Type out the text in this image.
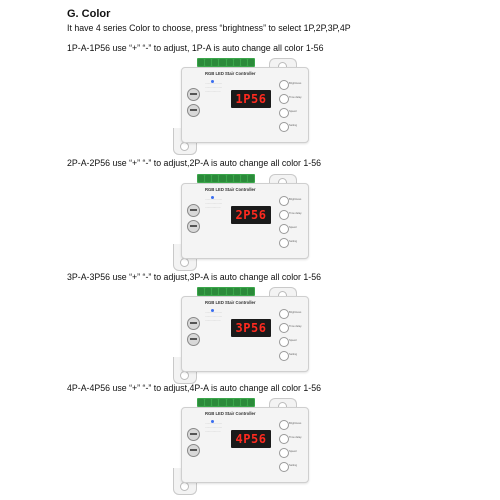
G. Color
It have 4 series Color to choose, press “brightness” to select 1P,2P,3P,4P
1P-A-1P56 use “+” “-” to adjust, 1P-A is auto change all color 1-56
RGB LED Stair Controller
····················
····················
··················
1P56
Brightness
Time delay
Speed
Setting
2P-A-2P56 use “+” “-” to adjust,2P-A is auto change all color 1-56
RGB LED Stair Controller
····················
····················
··················
2P56
Brightness
Time delay
Speed
Setting
3P-A-3P56 use “+” “-” to adjust,3P-A is auto change all color 1-56
RGB LED Stair Controller
····················
····················
··················
3P56
Brightness
Time delay
Speed
Setting
4P-A-4P56 use “+” “-” to adjust,4P-A is auto change all color 1-56
RGB LED Stair Controller
····················
····················
··················
4P56
Brightness
Time delay
Speed
Setting
